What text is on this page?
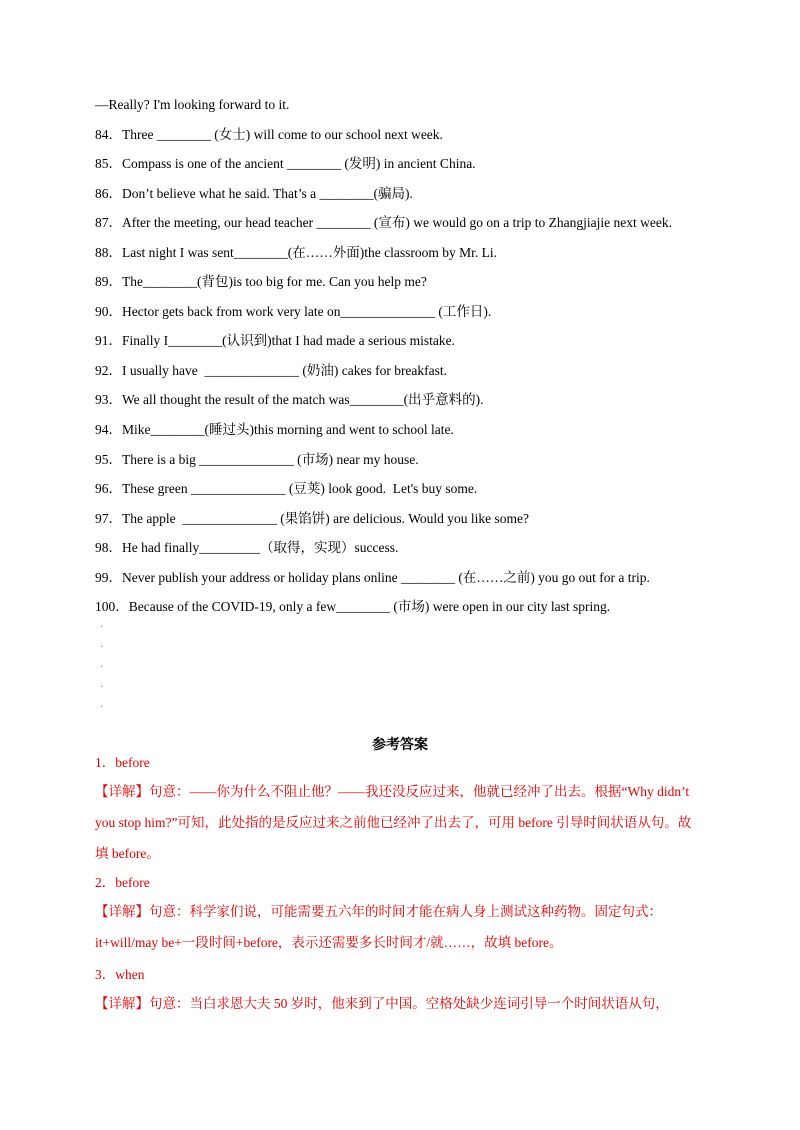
—Really? I'm looking forward to it.
84．Three ________ (女士) will come to our school next week.
85．Compass is one of the ancient ________ (发明) in ancient China.
86．Don’t believe what he said. That’s a ________(骗局).
87．After the meeting, our head teacher ________ (宣布) we would go on a trip to Zhangjiajie next week.
88．Last night I was sent________(在……外面)the classroom by Mr. Li.
89．The________(背包)is too big for me. Can you help me?
90．Hector gets back from work very late on______________ (工作日).
91．Finally I________(认识到)that I had made a serious mistake.
92．I usually have  ______________ (奶油) cakes for breakfast.
93．We all thought the result of the match was________(出乎意料的).
94．Mike________(睡过头)this morning and went to school late.
95．There is a big ______________ (市场) near my house.
96．These green ______________ (豆荚) look good.  Let's buy some.
97．The apple  ______________ (果馅饼) are delicious. Would you like some?
98．He had finally_________（取得，实现）success.
99．Never publish your address or holiday plans online ________ (在……之前) you go out for a trip.
100．Because of the COVID-19, only a few________ (市场) were open in our city last spring.
·
·
·
·
·
参考答案
1．before
【详解】句意：——你为什么不阻止他？——我还没反应过来，他就已经冲了出去。根据“Why didn’t you stop him?”可知，此处指的是反应过来之前他已经冲了出去了，可用 before 引导时间状语从句。故填 before。
2．before
【详解】句意：科学家们说，可能需要五六年的时间才能在病人身上测试这种药物。固定句式：it+will/may be+一段时间+before，表示还需要多长时间才/就……，故填 before。
3．when
【详解】句意：当白求恩大夫 50 岁时，他来到了中国。空格处缺少连词引导一个时间状语从句，
